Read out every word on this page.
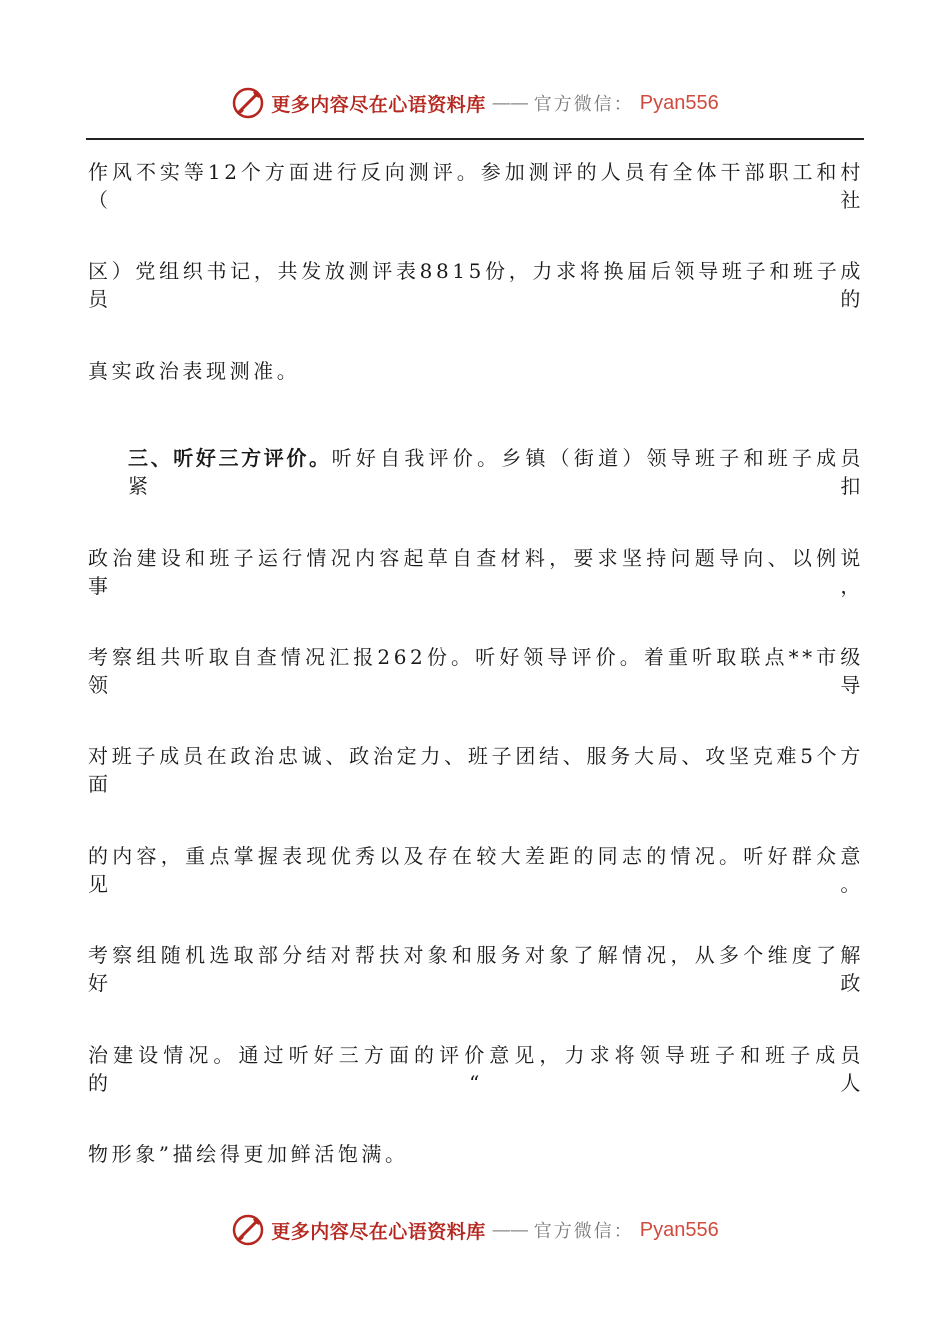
更多内容尽在心语资料库 —— 官方微信： Pyan556
作风不实等12个方面进行反向测评。参加测评的人员有全体干部职工和村（社
区）党组织书记，共发放测评表8815份，力求将换届后领导班子和班子成员的
真实政治表现测准。
三、听好三方评价。听好自我评价。乡镇（街道）领导班子和班子成员紧扣
政治建设和班子运行情况内容起草自查材料，要求坚持问题导向、以例说事，
考察组共听取自查情况汇报262份。听好领导评价。着重听取联点**市级领导
对班子成员在政治忠诚、政治定力、班子团结、服务大局、攻坚克难5个方面
的内容，重点掌握表现优秀以及存在较大差距的同志的情况。听好群众意见。
考察组随机选取部分结对帮扶对象和服务对象了解情况，从多个维度了解好政
治建设情况。通过听好三方面的评价意见，力求将领导班子和班子成员的“人
物形象”描绘得更加鲜活饱满。
更多内容尽在心语资料库 —— 官方微信： Pyan556
